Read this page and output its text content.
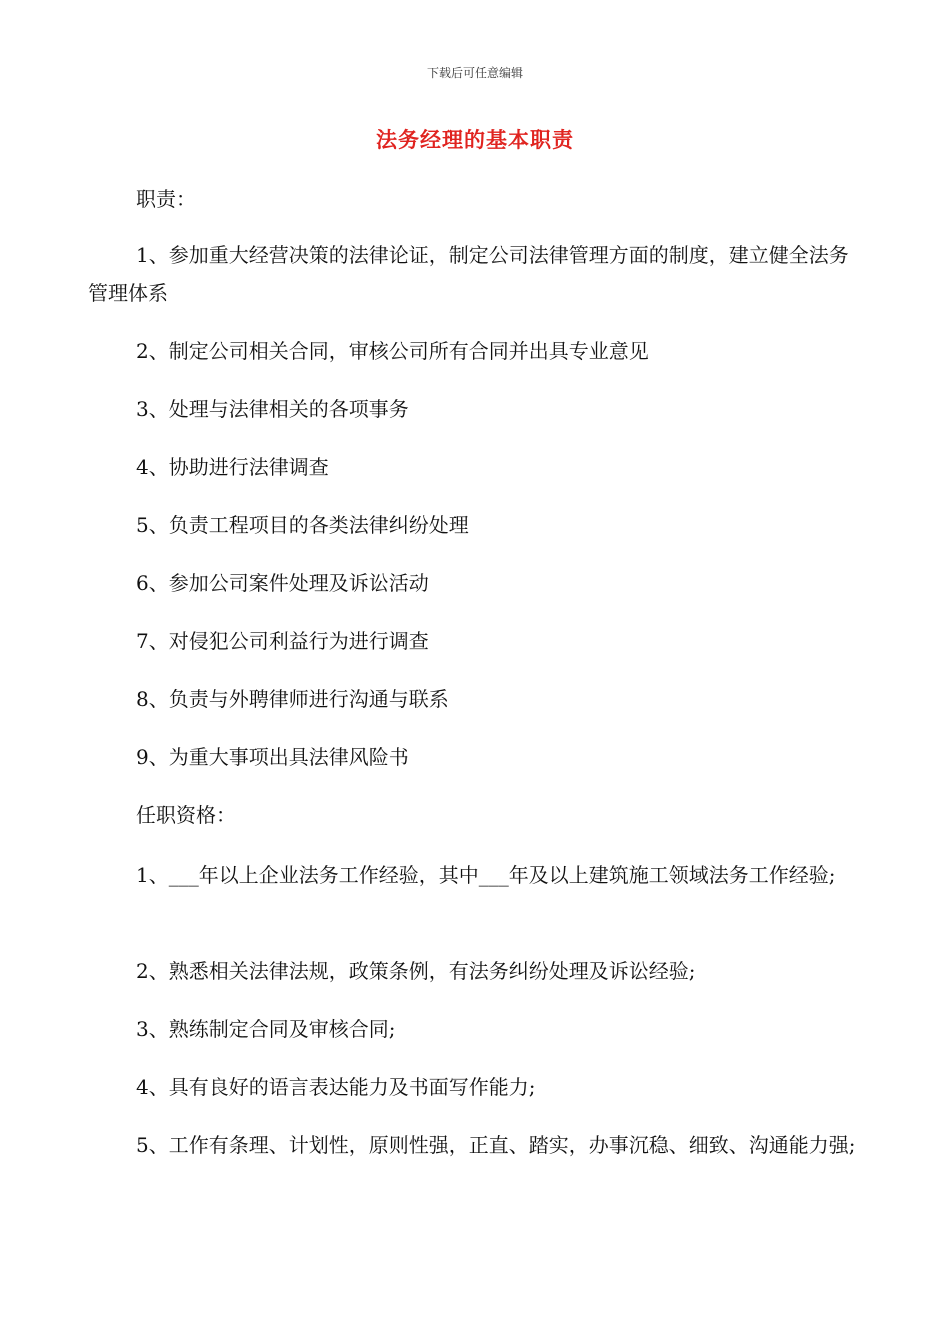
下载后可任意编辑
法务经理的基本职责

职责：

1、参加重大经营决策的法律论证，制定公司法律管理方面的制度，建立健全法务管理体系

2、制定公司相关合同，审核公司所有合同并出具专业意见

3、处理与法律相关的各项事务

4、协助进行法律调查

5、负责工程项目的各类法律纠纷处理

6、参加公司案件处理及诉讼活动

7、对侵犯公司利益行为进行调查

8、负责与外聘律师进行沟通与联系

9、为重大事项出具法律风险书

任职资格：

1、___年以上企业法务工作经验，其中___年及以上建筑施工领域法务工作经验;

2、熟悉相关法律法规，政策条例，有法务纠纷处理及诉讼经验;

3、熟练制定合同及审核合同;

4、具有良好的语言表达能力及书面写作能力;

5、工作有条理、计划性，原则性强，正直、踏实，办事沉稳、细致、沟通能力强;
